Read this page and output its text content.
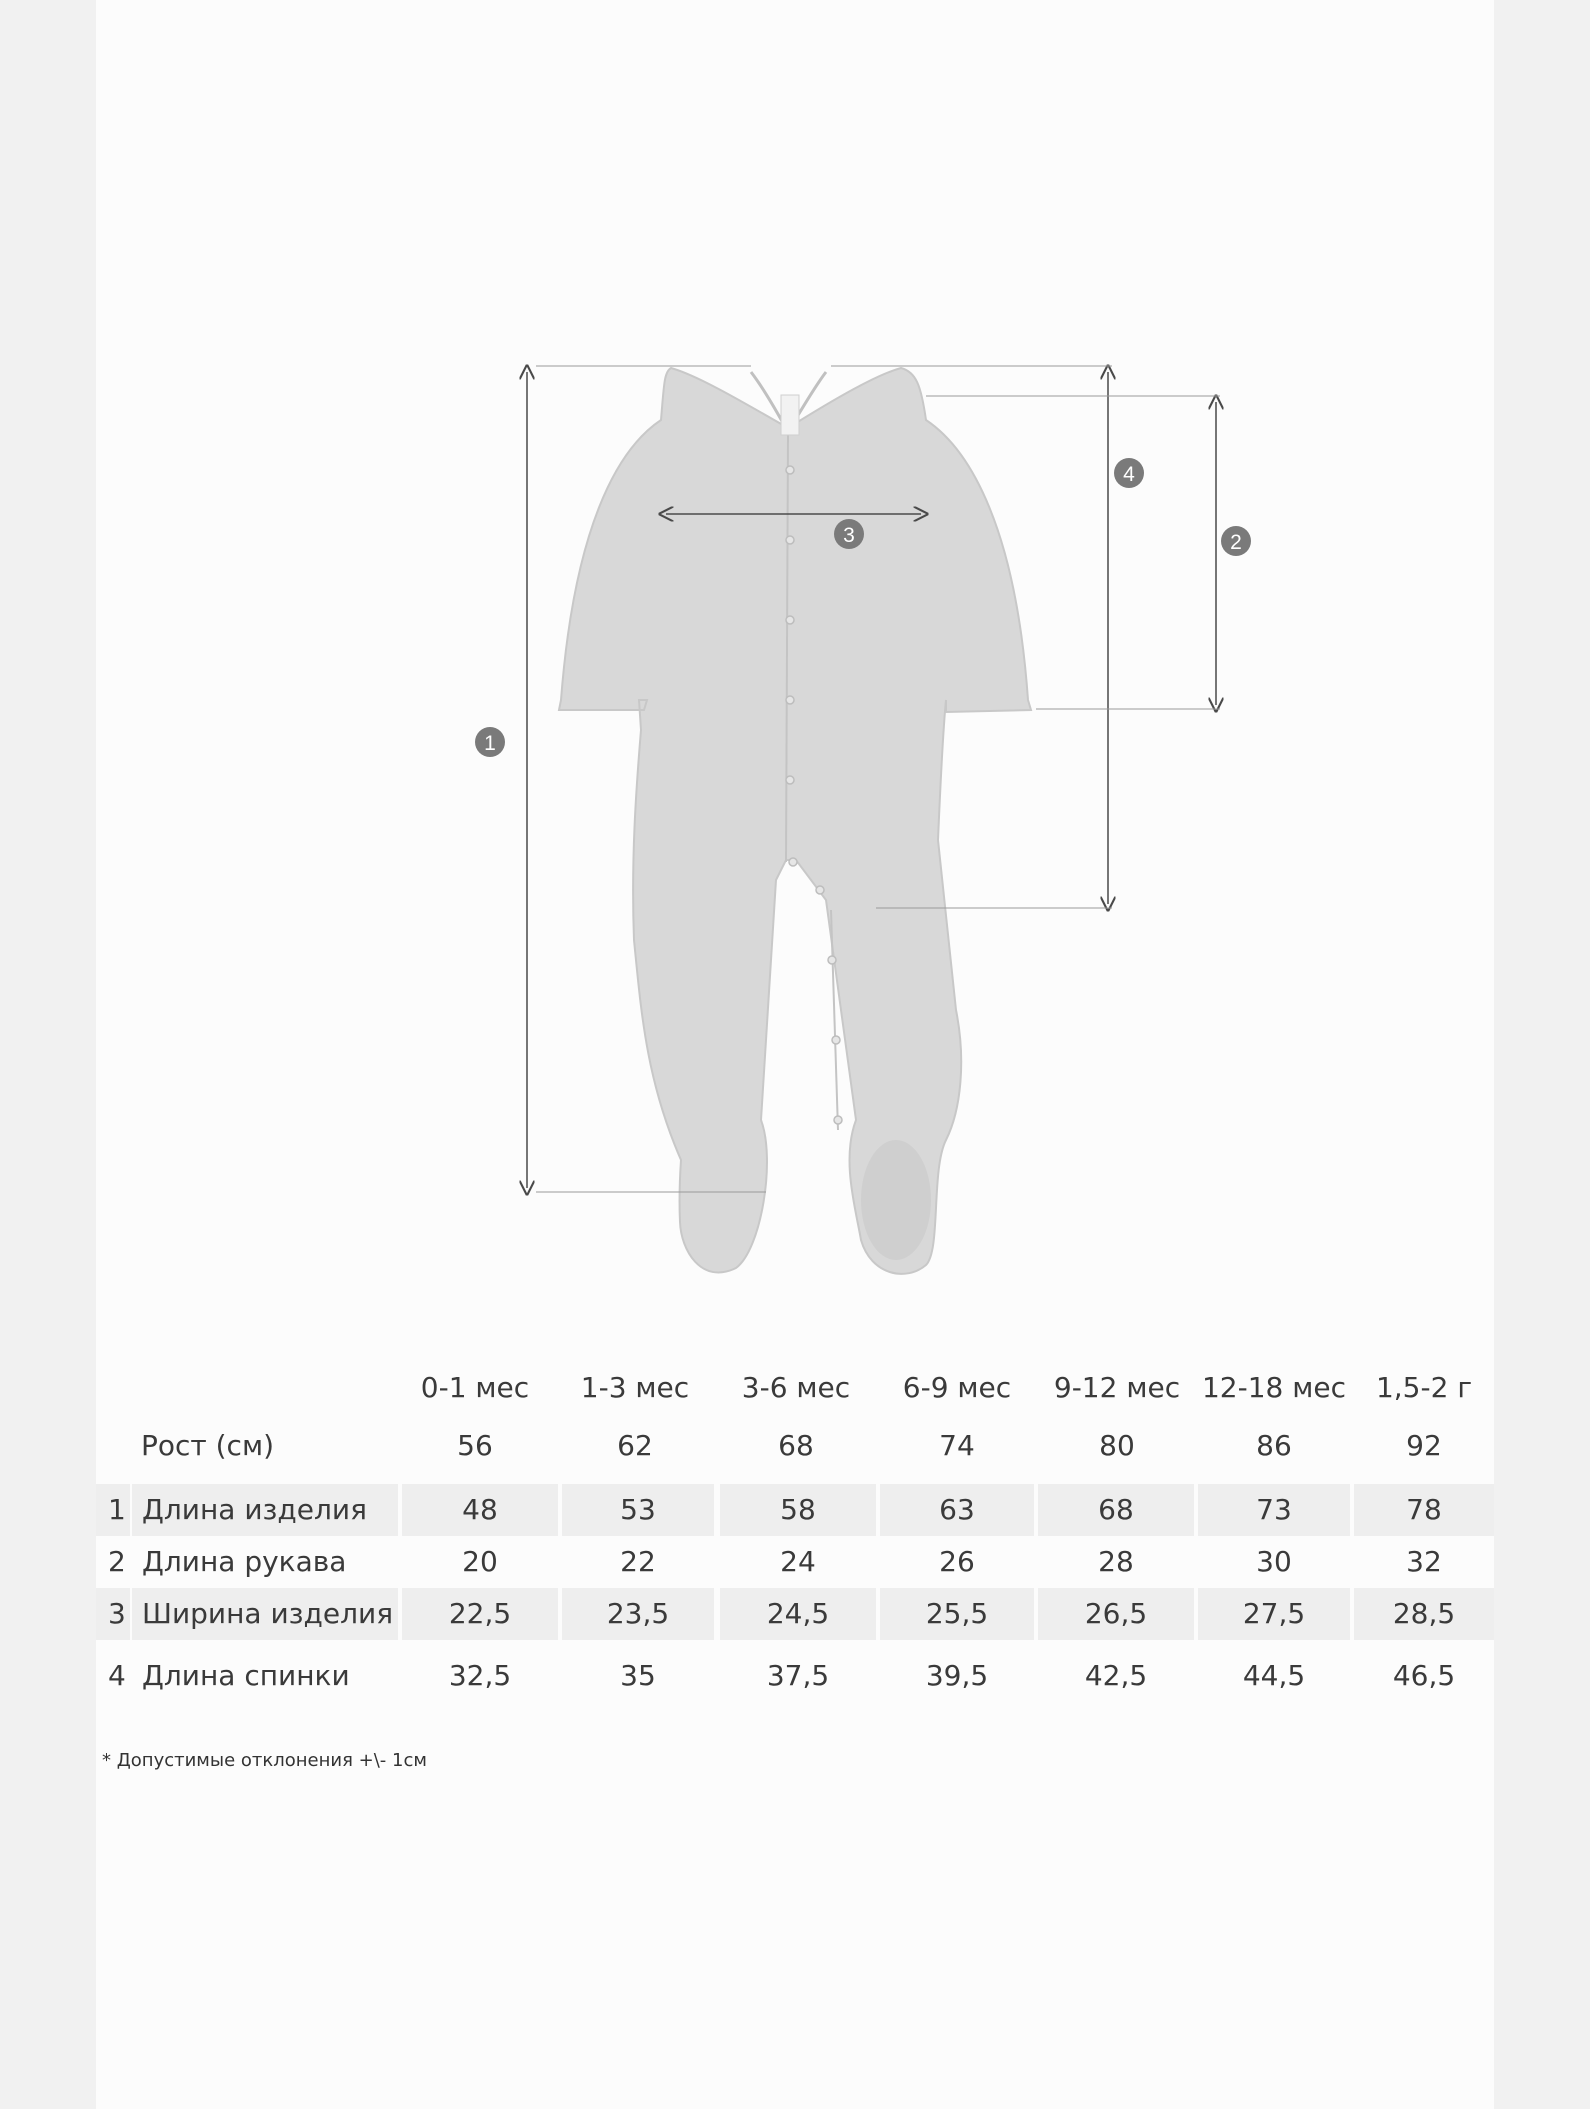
1
2
3
4
0-1 мес	1-3 мес	3-6 мес	6-9 мес	9-12 мес 12-18 мес	1,5-2 г
Рост (см)	56	62	68	74	80	86	92
1 Длина изделия	48	53	58	63	68	73	78
2 Длина рукава	20	22	24	26	28	30	32
3 Ширина изделия	22,5	23,5	24,5	25,5	26,5	27,5	28,5
4 Длина спинки	32,5	35	37,5	39,5	42,5	44,5	46,5
* Допустимые отклонения +\- 1см
